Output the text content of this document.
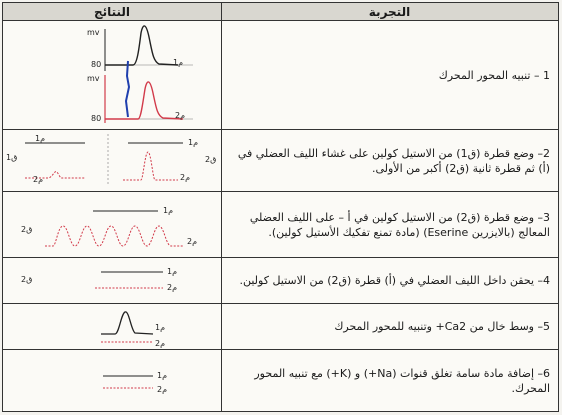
النتائج	التجربة
1 – تنبيه المحور المحرك
mv
80	م1
mv
80	م2
2– وضع قطرة (ق1) من الاستيل كولين على غشاء الليف العضلي في (أ) ثم قطرة ثانية (ق2) أكبر من الأولى.
م1
ق1
م2
م1
ق2
م2
3– وضع قطرة (ق2) من الاستيل كولين في أ – على الليف العضلي المعالج (بالايزرين Eserine) (مادة تمنع تفكيك الأستيل كولين).
م1
ق2
م2
4– يحقن داخل الليف العضلي في (أ) قطرة (ق2) من الاستيل كولين.
م1
ق2
م2
5– وسط خال من Ca2+ وتنبيه للمحور المحرك
م1
م2
6– إضافة مادة سامة تغلق قنوات (Na+) و (K+) مع تنبيه المحور المحرك.
م1
م2
